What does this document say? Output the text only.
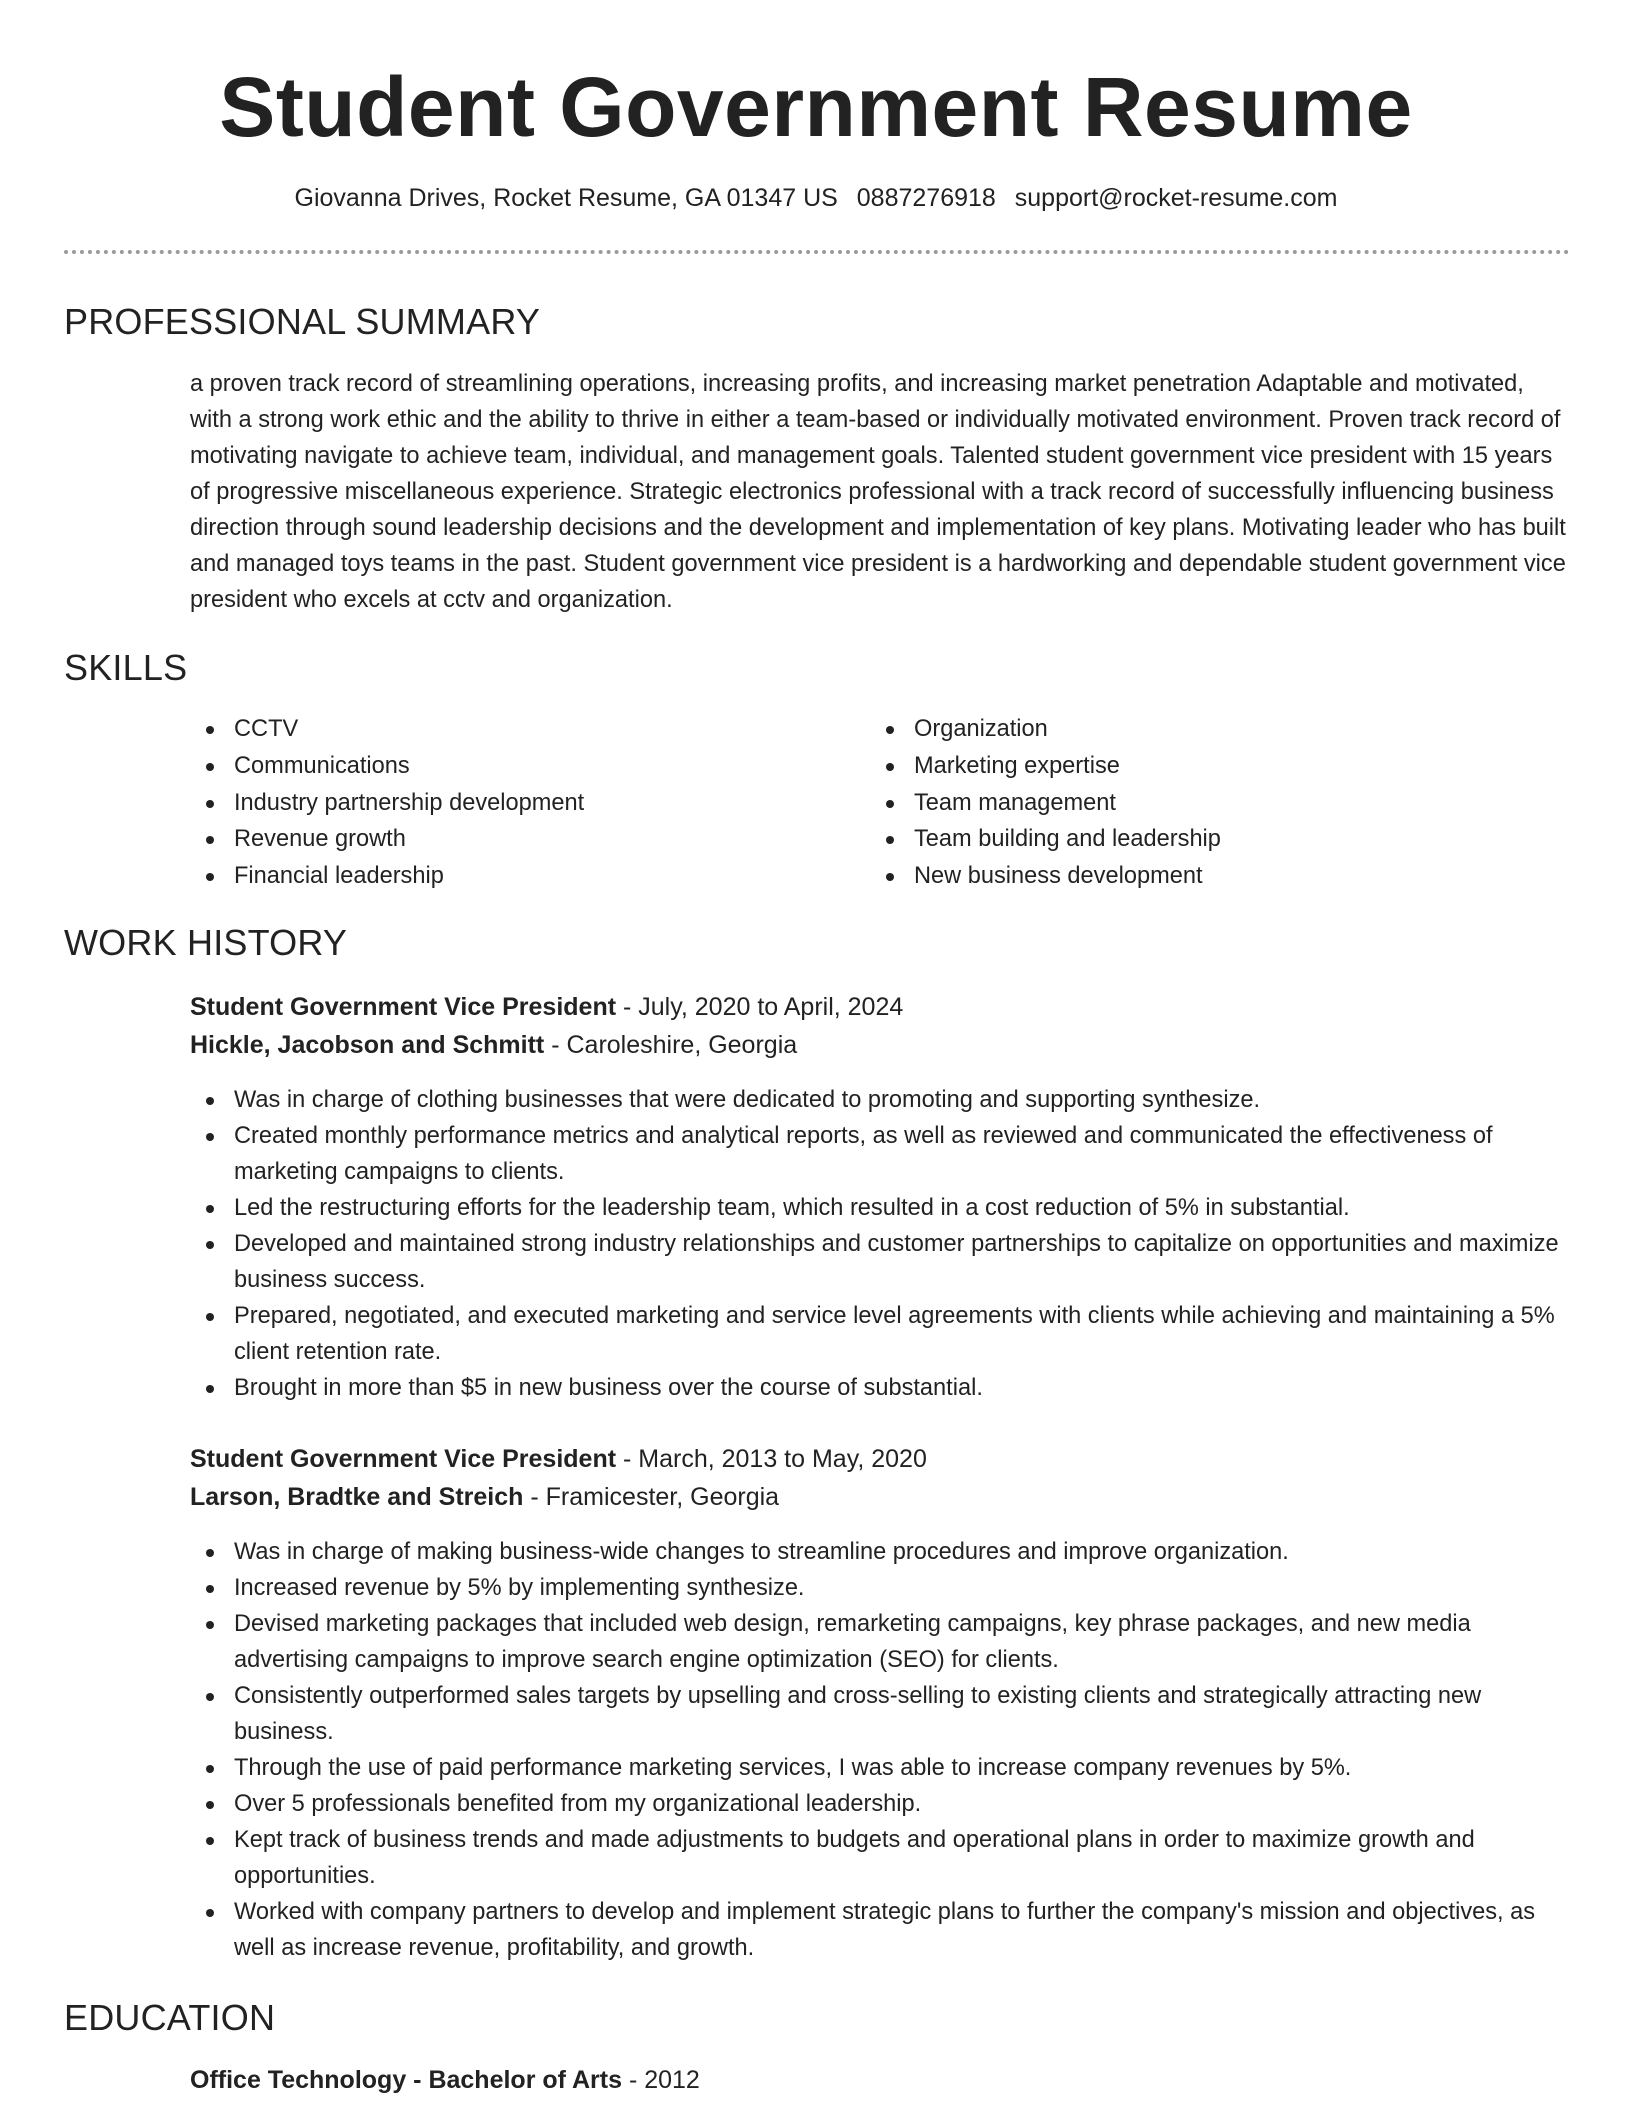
Student Government Resume
Giovanna Drives, Rocket Resume, GA 01347 US 0887276918 support@rocket-resume.com
PROFESSIONAL SUMMARY

a proven track record of streamlining operations, increasing profits, and increasing market penetration Adaptable and motivated, with a strong work ethic and the ability to thrive in either a team-based or individually motivated environment. Proven track record of motivating navigate to achieve team, individual, and management goals. Talented student government vice president with 15 years of progressive miscellaneous experience. Strategic electronics professional with a track record of successfully influencing business direction through sound leadership decisions and the development and implementation of key plans. Motivating leader who has built and managed toys teams in the past. Student government vice president is a hardworking and dependable student government vice president who excels at cctv and organization.

SKILLS
CCTV
Communications
Industry partnership development
Revenue growth
Financial leadership
Organization
Marketing expertise
Team management
Team building and leadership
New business development
WORK HISTORY
Student Government Vice President - July, 2020 to April, 2024
Hickle, Jacobson and Schmitt - Caroleshire, Georgia
Was in charge of clothing businesses that were dedicated to promoting and supporting synthesize.
Created monthly performance metrics and analytical reports, as well as reviewed and communicated the effectiveness of marketing campaigns to clients.
Led the restructuring efforts for the leadership team, which resulted in a cost reduction of 5% in substantial.
Developed and maintained strong industry relationships and customer partnerships to capitalize on opportunities and maximize business success.
Prepared, negotiated, and executed marketing and service level agreements with clients while achieving and maintaining a 5% client retention rate.
Brought in more than $5 in new business over the course of substantial.
Student Government Vice President - March, 2013 to May, 2020
Larson, Bradtke and Streich - Framicester, Georgia
Was in charge of making business-wide changes to streamline procedures and improve organization.
Increased revenue by 5% by implementing synthesize.
Devised marketing packages that included web design, remarketing campaigns, key phrase packages, and new media advertising campaigns to improve search engine optimization (SEO) for clients.
Consistently outperformed sales targets by upselling and cross-selling to existing clients and strategically attracting new business.
Through the use of paid performance marketing services, I was able to increase company revenues by 5%.
Over 5 professionals benefited from my organizational leadership.
Kept track of business trends and made adjustments to budgets and operational plans in order to maximize growth and opportunities.
Worked with company partners to develop and implement strategic plans to further the company's mission and objectives, as well as increase revenue, profitability, and growth.
EDUCATION
Office Technology - Bachelor of Arts - 2012
